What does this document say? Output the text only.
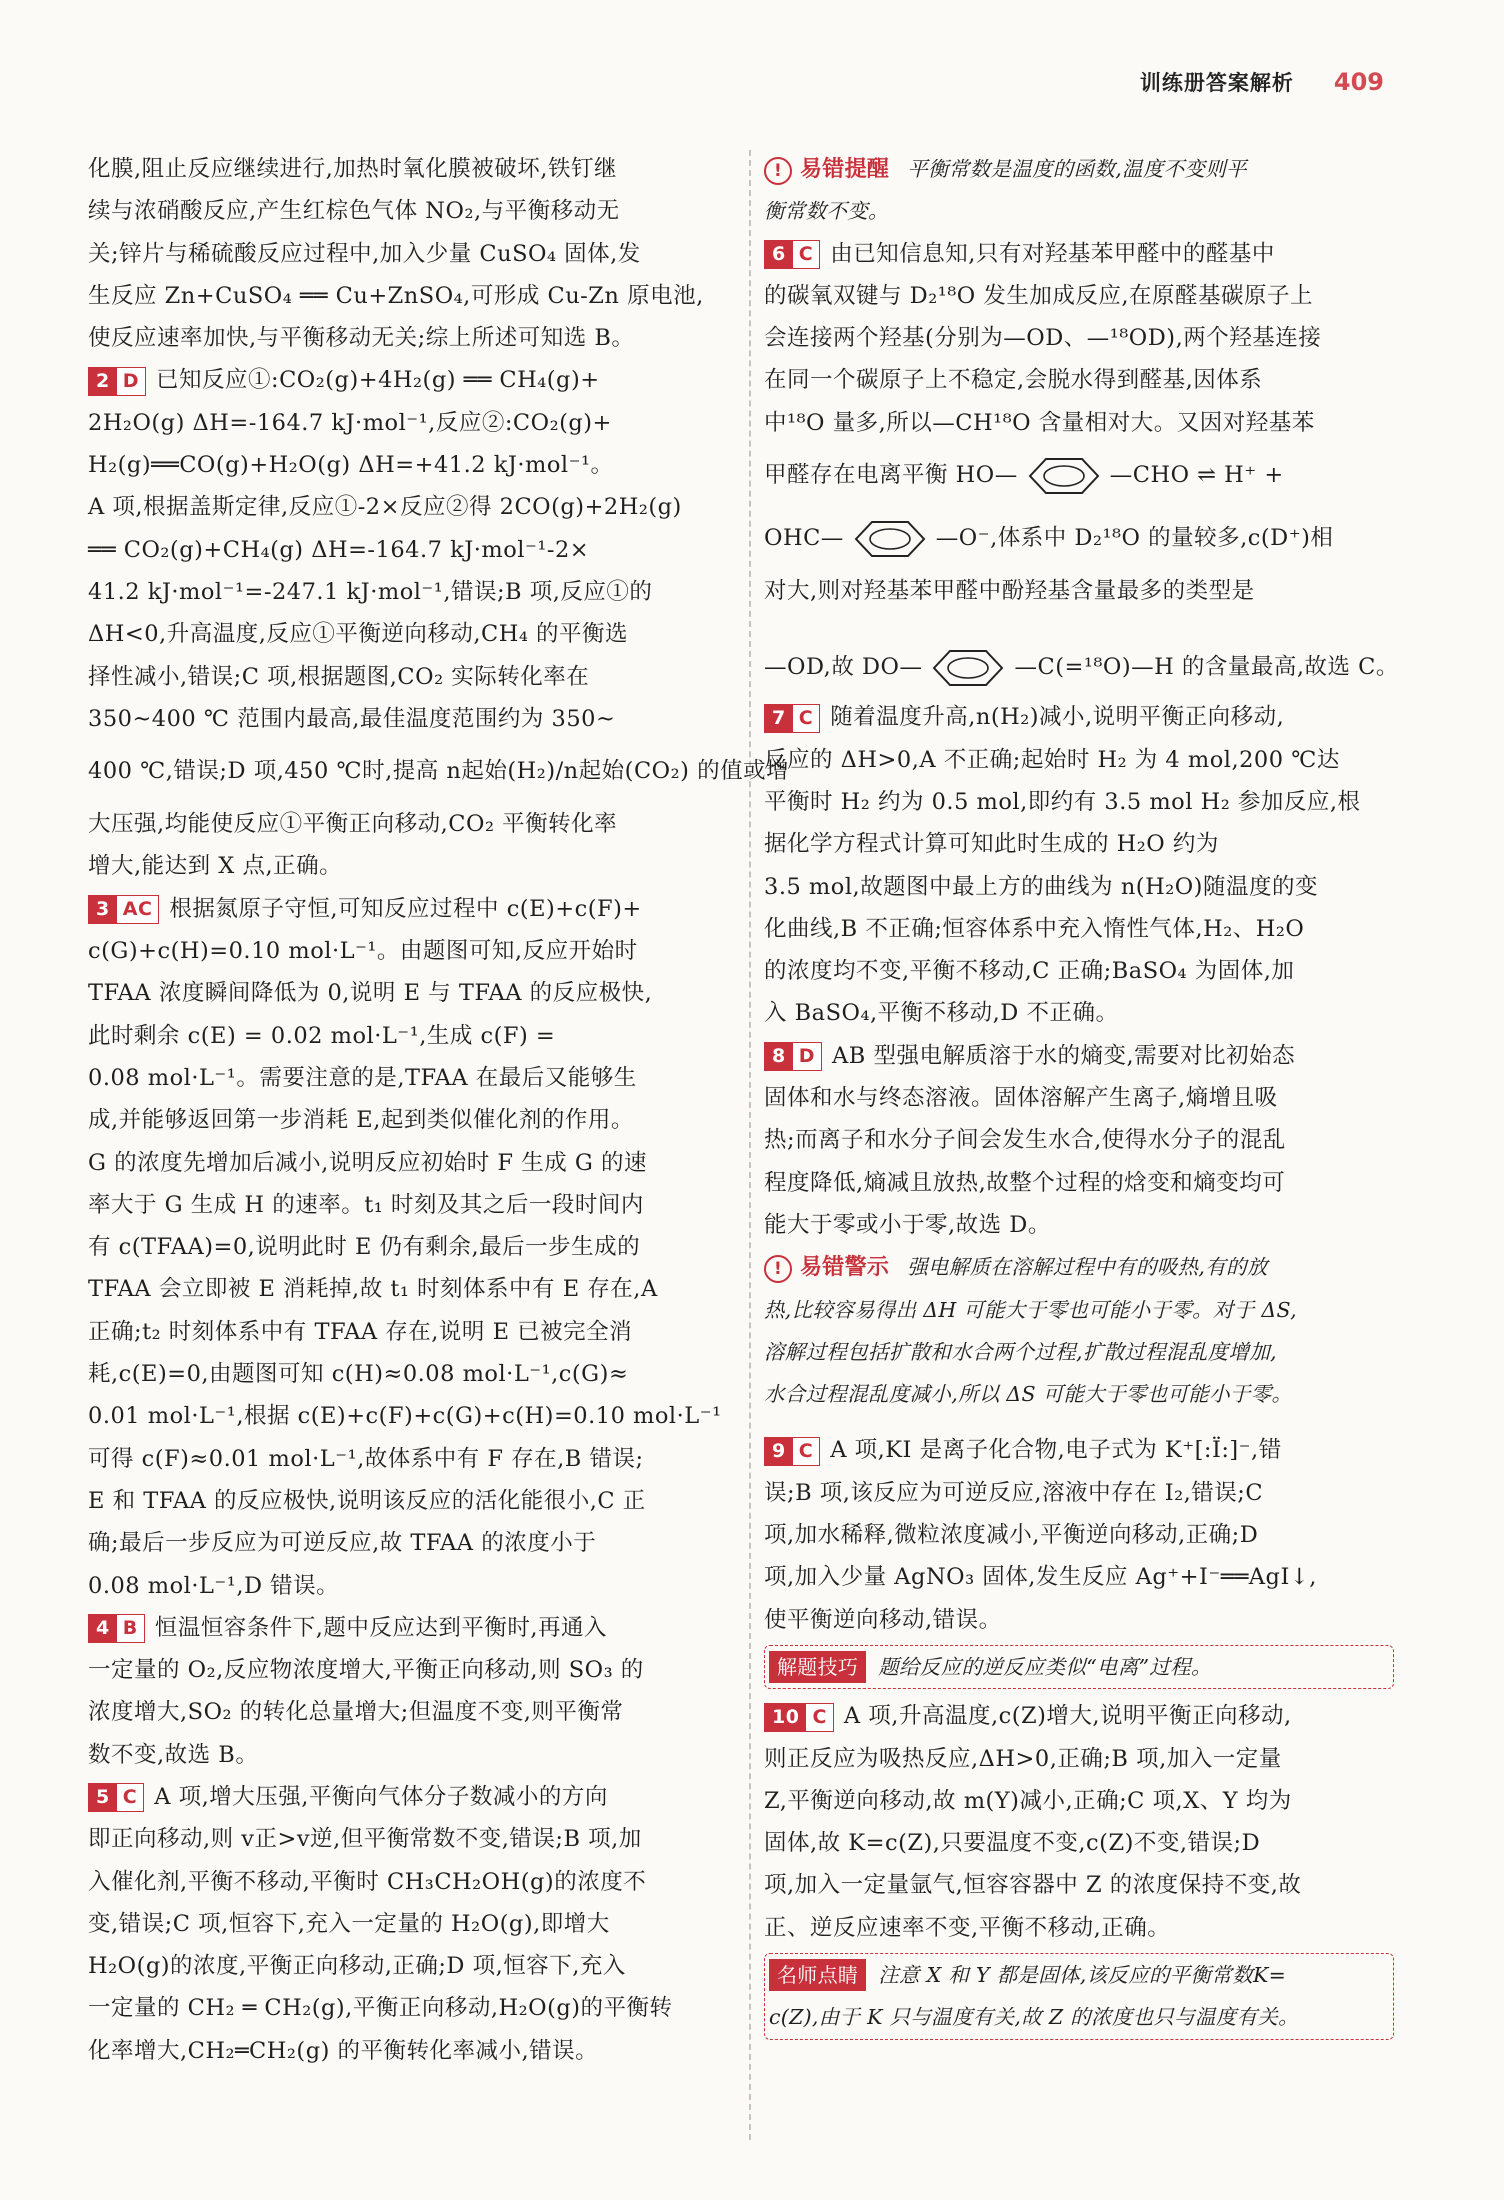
训练册答案解析 409
化膜,阻止反应继续进行,加热时氧化膜被破坏,铁钉继
续与浓硝酸反应,产生红棕色气体 NO₂,与平衡移动无
关;锌片与稀硫酸反应过程中,加入少量 CuSO₄ 固体,发
生反应 Zn+CuSO₄ ══ Cu+ZnSO₄,可形成 Cu-Zn 原电池,
使反应速率加快,与平衡移动无关;综上所述可知选 B。
2 D 已知反应①:CO₂(g)+4H₂(g) ══ CH₄(g)+
2H₂O(g) ΔH=-164.7 kJ·mol⁻¹,反应②:CO₂(g)+
H₂(g)══CO(g)+H₂O(g) ΔH=+41.2 kJ·mol⁻¹。
A 项,根据盖斯定律,反应①-2×反应②得 2CO(g)+2H₂(g)
══ CO₂(g)+CH₄(g) ΔH=-164.7 kJ·mol⁻¹-2×
41.2 kJ·mol⁻¹=-247.1 kJ·mol⁻¹,错误;B 项,反应①的
ΔH<0,升高温度,反应①平衡逆向移动,CH₄ 的平衡选
择性减小,错误;C 项,根据题图,CO₂ 实际转化率在
350~400 ℃ 范围内最高,最佳温度范围约为 350~
400 ℃,错误;D 项,450 ℃时,提高 n起始(H₂)/n起始(CO₂) 的值或增
大压强,均能使反应①平衡正向移动,CO₂ 平衡转化率
增大,能达到 X 点,正确。
3 AC 根据氮原子守恒,可知反应过程中 c(E)+c(F)+
c(G)+c(H)=0.10 mol·L⁻¹。由题图可知,反应开始时
TFAA 浓度瞬间降低为 0,说明 E 与 TFAA 的反应极快,
此时剩余 c(E) = 0.02 mol·L⁻¹,生成 c(F) =
0.08 mol·L⁻¹。需要注意的是,TFAA 在最后又能够生
成,并能够返回第一步消耗 E,起到类似催化剂的作用。
G 的浓度先增加后减小,说明反应初始时 F 生成 G 的速
率大于 G 生成 H 的速率。t₁ 时刻及其之后一段时间内
有 c(TFAA)=0,说明此时 E 仍有剩余,最后一步生成的
TFAA 会立即被 E 消耗掉,故 t₁ 时刻体系中有 E 存在,A
正确;t₂ 时刻体系中有 TFAA 存在,说明 E 已被完全消
耗,c(E)=0,由题图可知 c(H)≈0.08 mol·L⁻¹,c(G)≈
0.01 mol·L⁻¹,根据 c(E)+c(F)+c(G)+c(H)=0.10 mol·L⁻¹
可得 c(F)≈0.01 mol·L⁻¹,故体系中有 F 存在,B 错误;
E 和 TFAA 的反应极快,说明该反应的活化能很小,C 正
确;最后一步反应为可逆反应,故 TFAA 的浓度小于
0.08 mol·L⁻¹,D 错误。
4 B 恒温恒容条件下,题中反应达到平衡时,再通入
一定量的 O₂,反应物浓度增大,平衡正向移动,则 SO₃ 的
浓度增大,SO₂ 的转化总量增大;但温度不变,则平衡常
数不变,故选 B。
5 C A 项,增大压强,平衡向气体分子数减小的方向
即正向移动,则 v正>v逆,但平衡常数不变,错误;B 项,加
入催化剂,平衡不移动,平衡时 CH₃CH₂OH(g)的浓度不
变,错误;C 项,恒容下,充入一定量的 H₂O(g),即增大
H₂O(g)的浓度,平衡正向移动,正确;D 项,恒容下,充入
一定量的 CH₂ ═ CH₂(g),平衡正向移动,H₂O(g)的平衡转
化率增大,CH₂═CH₂(g) 的平衡转化率减小,错误。
! 易错提醒 平衡常数是温度的函数,温度不变则平
衡常数不变。
6 C 由已知信息知,只有对羟基苯甲醛中的醛基中
的碳氧双键与 D₂¹⁸O 发生加成反应,在原醛基碳原子上
会连接两个羟基(分别为—OD、—¹⁸OD),两个羟基连接
在同一个碳原子上不稳定,会脱水得到醛基,因体系
中¹⁸O 量多,所以—CH¹⁸O 含量相对大。又因对羟基苯
甲醛存在电离平衡 HO—	—CHO ⇌ H⁺ +
OHC—	—O⁻,体系中 D₂¹⁸O 的量较多,c(D⁺)相
对大,则对羟基苯甲醛中酚羟基含量最多的类型是
—OD,故 DO—	—C(=¹⁸O)—H 的含量最高,故选 C。
7 C 随着温度升高,n(H₂)减小,说明平衡正向移动,
反应的 ΔH>0,A 不正确;起始时 H₂ 为 4 mol,200 ℃达
平衡时 H₂ 约为 0.5 mol,即约有 3.5 mol H₂ 参加反应,根
据化学方程式计算可知此时生成的 H₂O 约为
3.5 mol,故题图中最上方的曲线为 n(H₂O)随温度的变
化曲线,B 不正确;恒容体系中充入惰性气体,H₂、H₂O
的浓度均不变,平衡不移动,C 正确;BaSO₄ 为固体,加
入 BaSO₄,平衡不移动,D 不正确。
8 D AB 型强电解质溶于水的熵变,需要对比初始态
固体和水与终态溶液。固体溶解产生离子,熵增且吸
热;而离子和水分子间会发生水合,使得水分子的混乱
程度降低,熵减且放热,故整个过程的焓变和熵变均可
能大于零或小于零,故选 D。
! 易错警示 强电解质在溶解过程中有的吸热,有的放
热,比较容易得出 ΔH 可能大于零也可能小于零。对于 ΔS,
溶解过程包括扩散和水合两个过程,扩散过程混乱度增加,
水合过程混乱度减小,所以 ΔS 可能大于零也可能小于零。
9 C A 项,KI 是离子化合物,电子式为 K⁺[:Ï:]⁻,错
误;B 项,该反应为可逆反应,溶液中存在 I₂,错误;C
项,加水稀释,微粒浓度减小,平衡逆向移动,正确;D
项,加入少量 AgNO₃ 固体,发生反应 Ag⁺+I⁻══AgI↓,
使平衡逆向移动,错误。
解题技巧 题给反应的逆反应类似“电离”过程。
10 C A 项,升高温度,c(Z)增大,说明平衡正向移动,
则正反应为吸热反应,ΔH>0,正确;B 项,加入一定量
Z,平衡逆向移动,故 m(Y)减小,正确;C 项,X、Y 均为
固体,故 K=c(Z),只要温度不变,c(Z)不变,错误;D
项,加入一定量氩气,恒容容器中 Z 的浓度保持不变,故
正、逆反应速率不变,平衡不移动,正确。
名师点睛 注意 X 和 Y 都是固体,该反应的平衡常数K=
c(Z),由于 K 只与温度有关,故 Z 的浓度也只与温度有关。
